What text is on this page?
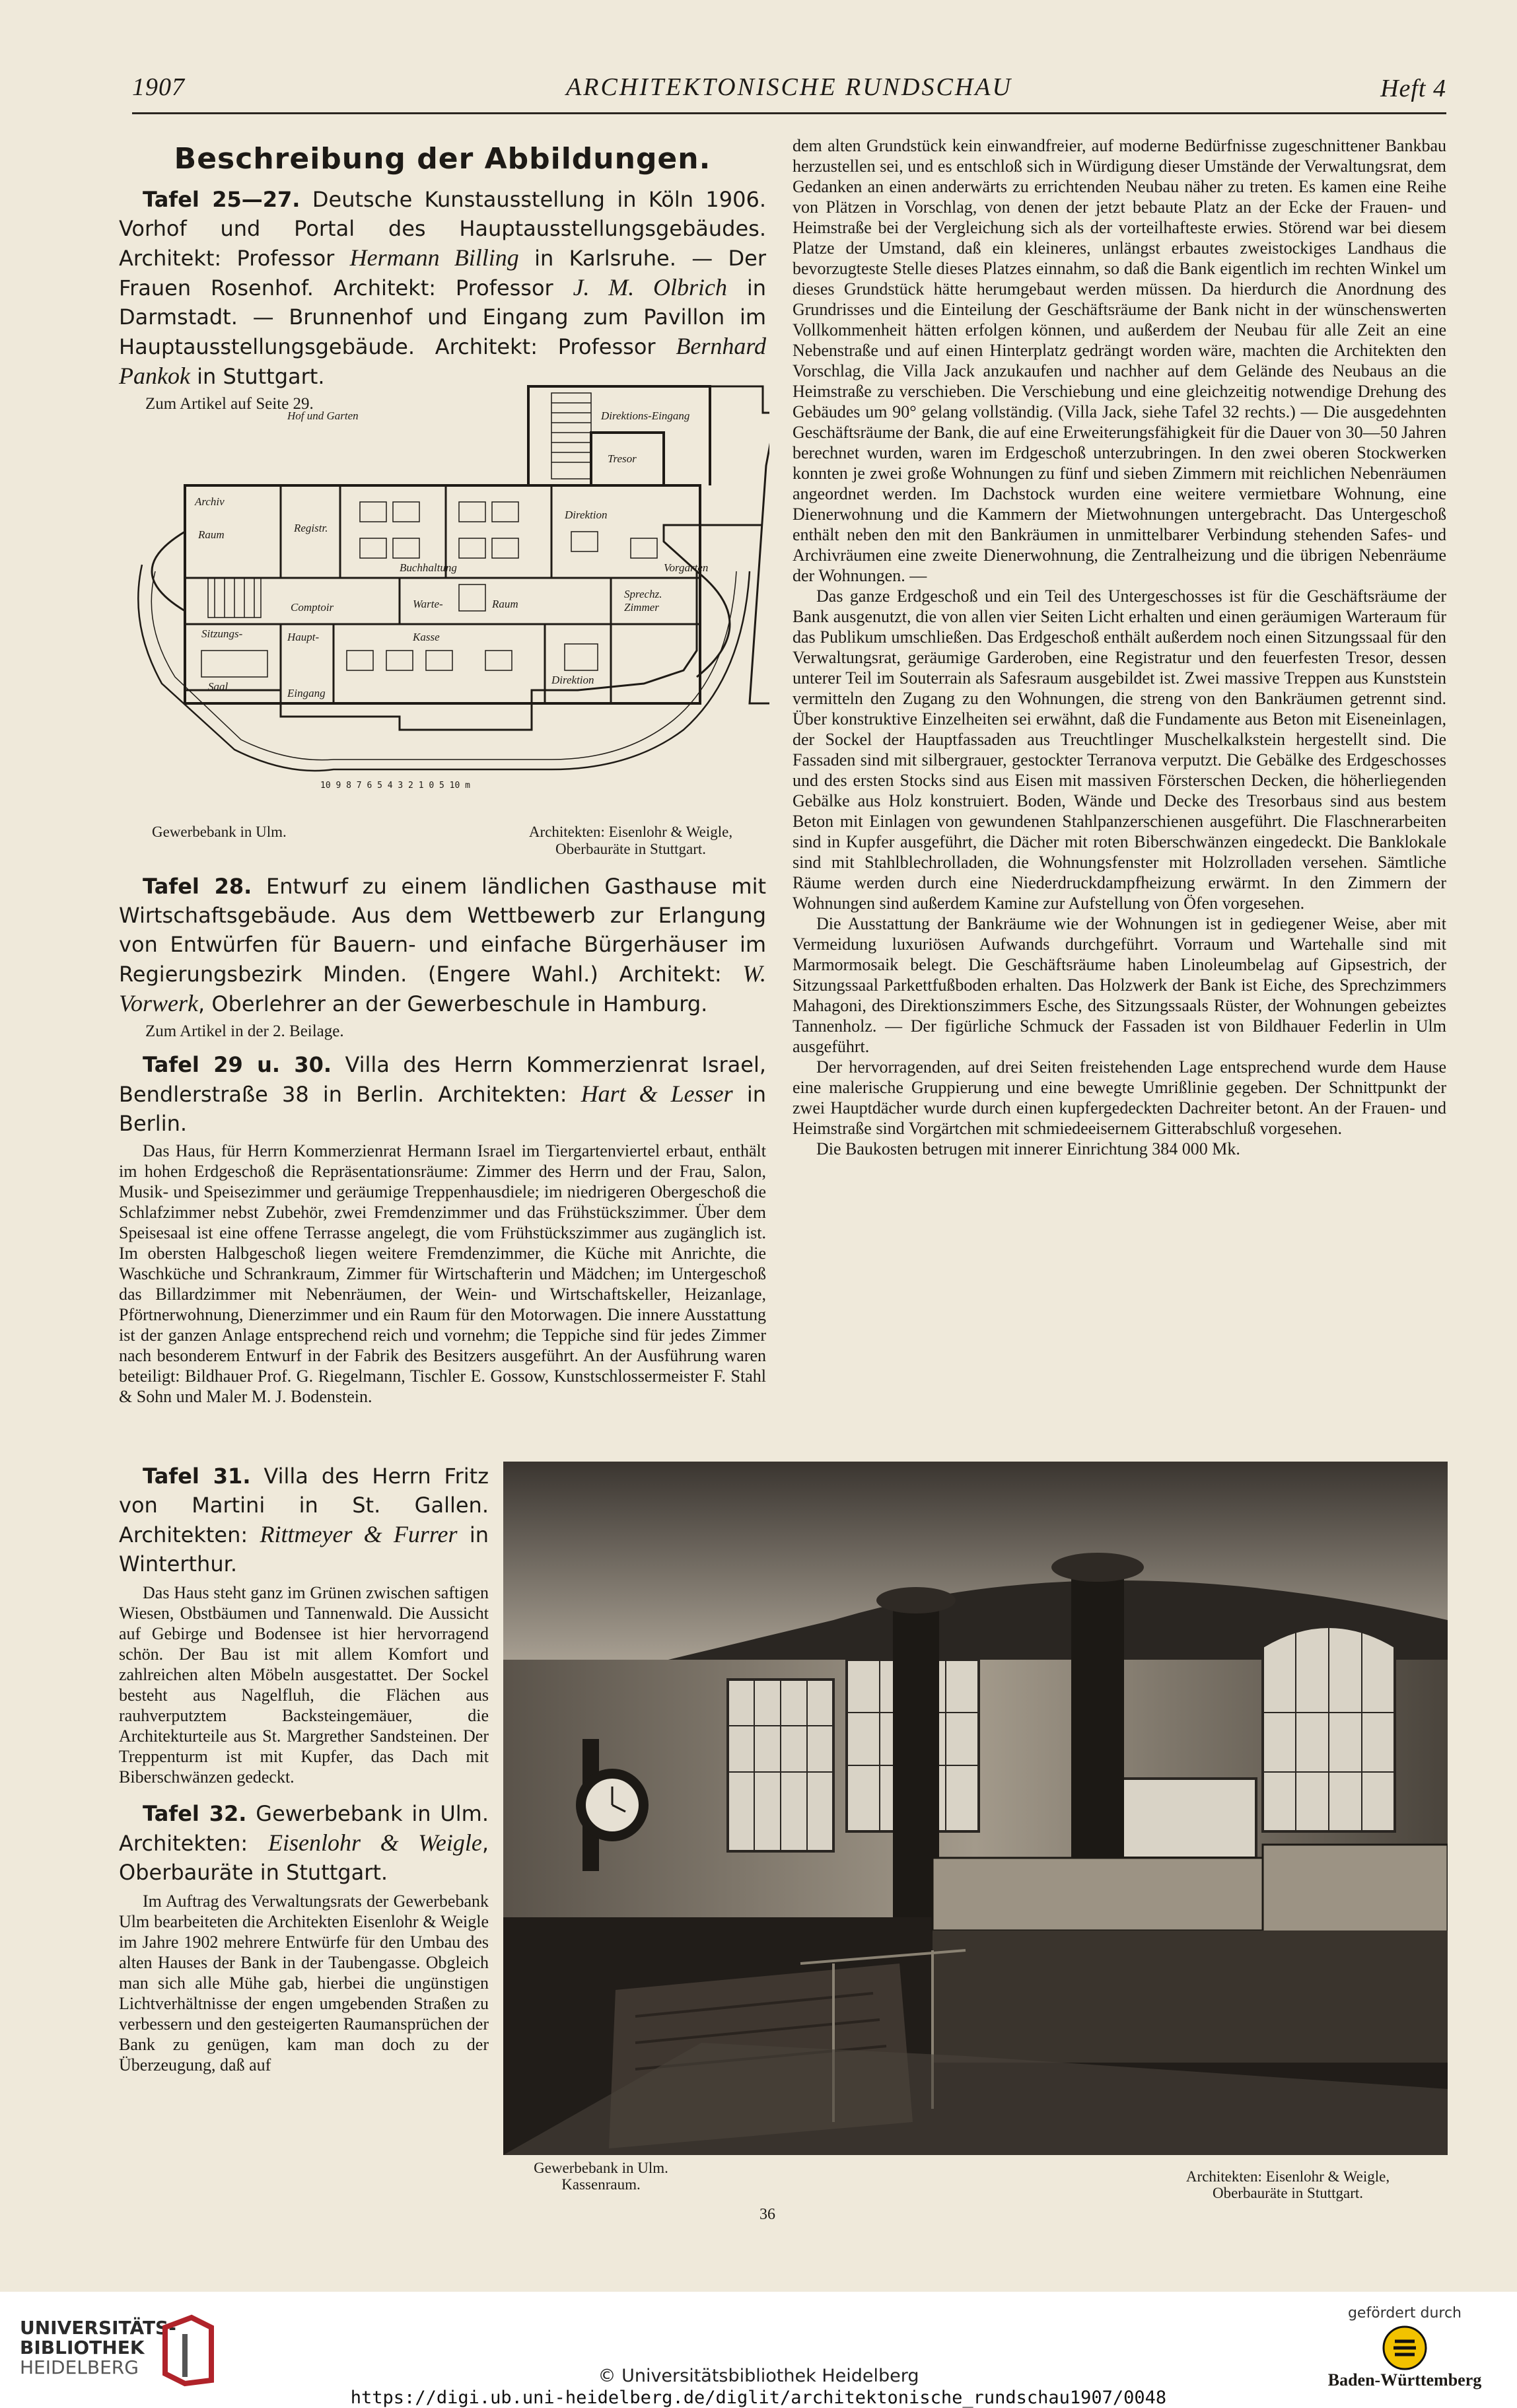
1907	ARCHITEKTONISCHE RUNDSCHAU	Heft 4
Beschreibung der Abbildungen.

Tafel 25—27. Deutsche Kunstausstellung in Köln 1906. Vorhof und Portal des Hauptausstellungsgebäudes. Architekt: Professor Hermann Billing in Karlsruhe. — Der Frauen Rosenhof. Architekt: Professor J. M. Olbrich in Darmstadt. — Brunnenhof und Eingang zum Pavillon im Hauptausstellungsgebäude. Architekt: Professor Bernhard Pankok in Stuttgart.

Zum Artikel auf Seite 29.
Hof und Garten	Direktions-Eingang
Tresor
Archiv
Raum
Registr.
Buchhaltung
Direktion
Vorgarten
Comptoir	Warte-	Raum
Sprechz.
Zimmer
Sitzungs-
Saal
Haupt-
Eingang
Kasse
Direktion
10 9 8 7 6 5 4 3 2 1 0 5 10 m
Gewerbebank in Ulm.	Architekten: Eisenlohr & Weigle,
Oberbauräte in Stuttgart.

Tafel 28. Entwurf zu einem ländlichen Gasthause mit Wirtschaftsgebäude. Aus dem Wettbewerb zur Erlangung von Entwürfen für Bauern- und einfache Bürgerhäuser im Regierungsbezirk Minden. (Engere Wahl.) Architekt: W. Vorwerk, Oberlehrer an der Gewerbeschule in Hamburg.

Zum Artikel in der 2. Beilage.

Tafel 29 u. 30. Villa des Herrn Kommerzienrat Israel, Bendlerstraße 38 in Berlin. Architekten: Hart & Lesser in Berlin.

Das Haus, für Herrn Kommerzienrat Hermann Israel im Tiergartenviertel erbaut, enthält im hohen Erdgeschoß die Repräsentationsräume: Zimmer des Herrn und der Frau, Salon, Musik- und Speisezimmer und geräumige Treppenhausdiele; im niedrigeren Obergeschoß die Schlafzimmer nebst Zubehör, zwei Fremdenzimmer und das Frühstückszimmer. Über dem Speisesaal ist eine offene Terrasse angelegt, die vom Frühstückszimmer aus zugänglich ist. Im obersten Halbgeschoß liegen weitere Fremdenzimmer, die Küche mit Anrichte, die Waschküche und Schrankraum, Zimmer für Wirtschafterin und Mädchen; im Untergeschoß das Billardzimmer mit Nebenräumen, der Wein- und Wirtschaftskeller, Heizanlage, Pförtnerwohnung, Dienerzimmer und ein Raum für den Motorwagen. Die innere Ausstattung ist der ganzen Anlage entsprechend reich und vornehm; die Teppiche sind für jedes Zimmer nach besonderem Entwurf in der Fabrik des Besitzers ausgeführt. An der Ausführung waren beteiligt: Bildhauer Prof. G. Riegelmann, Tischler E. Gossow, Kunstschlossermeister F. Stahl & Sohn und Maler M. J. Bodenstein.

Tafel 31. Villa des Herrn Fritz von Martini in St. Gallen. Architekten: Rittmeyer & Furrer in Winterthur.

Das Haus steht ganz im Grünen zwischen saftigen Wiesen, Obstbäumen und Tannenwald. Die Aussicht auf Gebirge und Bodensee ist hier hervorragend schön. Der Bau ist mit allem Komfort und zahlreichen alten Möbeln ausgestattet. Der Sockel besteht aus Nagelfluh, die Flächen aus rauhverputztem Backsteingemäuer, die Architekturteile aus St. Margrether Sandsteinen. Der Treppenturm ist mit Kupfer, das Dach mit Biberschwänzen gedeckt.

Tafel 32. Gewerbebank in Ulm. Architekten: Eisenlohr & Weigle, Oberbauräte in Stuttgart.

Im Auftrag des Verwaltungsrats der Gewerbebank Ulm bearbeiteten die Architekten Eisenlohr & Weigle im Jahre 1902 mehrere Entwürfe für den Umbau des alten Hauses der Bank in der Taubengasse. Obgleich man sich alle Mühe gab, hierbei die ungünstigen Lichtverhältnisse der engen umgebenden Straßen zu verbessern und den gesteigerten Raumansprüchen der Bank zu genügen, kam man doch zu der Überzeugung, daß auf

dem alten Grundstück kein einwandfreier, auf moderne Bedürfnisse zugeschnittener Bankbau herzustellen sei, und es entschloß sich in Würdigung dieser Umstände der Verwaltungsrat, dem Gedanken an einen anderwärts zu errichtenden Neubau näher zu treten. Es kamen eine Reihe von Plätzen in Vorschlag, von denen der jetzt bebaute Platz an der Ecke der Frauen- und Heimstraße bei der Vergleichung sich als der vorteilhafteste erwies. Störend war bei diesem Platze der Umstand, daß ein kleineres, unlängst erbautes zweistockiges Landhaus die bevorzugteste Stelle dieses Platzes einnahm, so daß die Bank eigentlich im rechten Winkel um dieses Grundstück hätte herumgebaut werden müssen. Da hierdurch die Anordnung des Grundrisses und die Einteilung der Geschäftsräume der Bank nicht in der wünschenswerten Vollkommenheit hätten erfolgen können, und außerdem der Neubau für alle Zeit an eine Nebenstraße und auf einen Hinterplatz gedrängt worden wäre, machten die Architekten den Vorschlag, die Villa Jack anzukaufen und nachher auf dem Gelände des Neubaus an die Heimstraße zu verschieben. Die Verschiebung und eine gleichzeitig notwendige Drehung des Gebäudes um 90° gelang vollständig. (Villa Jack, siehe Tafel 32 rechts.) — Die ausgedehnten Geschäftsräume der Bank, die auf eine Erweiterungsfähigkeit für die Dauer von 30—50 Jahren berechnet wurden, waren im Erdgeschoß unterzubringen. In den zwei oberen Stockwerken konnten je zwei große Wohnungen zu fünf und sieben Zimmern mit reichlichen Nebenräumen angeordnet werden. Im Dachstock wurden eine weitere vermietbare Wohnung, eine Dienerwohnung und die Kammern der Mietwohnungen untergebracht. Das Untergeschoß enthält neben den mit den Bankräumen in unmittelbarer Verbindung stehenden Safes- und Archivräumen eine zweite Dienerwohnung, die Zentralheizung und die übrigen Nebenräume der Wohnungen. —

Das ganze Erdgeschoß und ein Teil des Untergeschosses ist für die Geschäftsräume der Bank ausgenutzt, die von allen vier Seiten Licht erhalten und einen geräumigen Warteraum für das Publikum umschließen. Das Erdgeschoß enthält außerdem noch einen Sitzungssaal für den Verwaltungsrat, geräumige Garderoben, eine Registratur und den feuerfesten Tresor, dessen unterer Teil im Souterrain als Safesraum ausgebildet ist. Zwei massive Treppen aus Kunststein vermitteln den Zugang zu den Wohnungen, die streng von den Bankräumen getrennt sind. Über konstruktive Einzelheiten sei erwähnt, daß die Fundamente aus Beton mit Eiseneinlagen, der Sockel der Hauptfassaden aus Treuchtlinger Muschelkalkstein hergestellt sind. Die Fassaden sind mit silbergrauer, gestockter Terranova verputzt. Die Gebälke des Erdgeschosses und des ersten Stocks sind aus Eisen mit massiven Försterschen Decken, die höherliegenden Gebälke aus Holz konstruiert. Boden, Wände und Decke des Tresorbaus sind aus bestem Beton mit Einlagen von gewundenen Stahlpanzerschienen ausgeführt. Die Flaschnerarbeiten sind in Kupfer ausgeführt, die Dächer mit roten Biberschwänzen eingedeckt. Die Banklokale sind mit Stahlblechrolladen, die Wohnungsfenster mit Holzrolladen versehen. Sämtliche Räume werden durch eine Niederdruckdampfheizung erwärmt. In den Zimmern der Wohnungen sind außerdem Kamine zur Aufstellung von Öfen vorgesehen.

Die Ausstattung der Bankräume wie der Wohnungen ist in gediegener Weise, aber mit Vermeidung luxuriösen Aufwands durchgeführt. Vorraum und Wartehalle sind mit Marmormosaik belegt. Die Geschäftsräume haben Linoleumbelag auf Gipsestrich, der Sitzungssaal Parkettfußboden erhalten. Das Holzwerk der Bank ist Eiche, des Sprechzimmers Mahagoni, des Direktionszimmers Esche, des Sitzungssaals Rüster, der Wohnungen gebeiztes Tannenholz. — Der figürliche Schmuck der Fassaden ist von Bildhauer Federlin in Ulm ausgeführt.

Der hervorragenden, auf drei Seiten freistehenden Lage entsprechend wurde dem Hause eine malerische Gruppierung und eine bewegte Umrißlinie gegeben. Der Schnittpunkt der zwei Hauptdächer wurde durch einen kupfergedeckten Dachreiter betont. An der Frauen- und Heimstraße sind Vorgärtchen mit schmiedeeisernem Gitterabschluß vorgesehen.

Die Baukosten betrugen mit innerer Einrichtung 384 000 Mk.

Gewerbebank in Ulm.
Kassenraum.	Architekten: Eisenlohr & Weigle,
Oberbauräte in Stuttgart.
36
UNIVERSITÄTS-
BIBLIOTHEK
HEIDELBERG	© Universitätsbibliothek Heidelberg
https://digi.ub.uni-heidelberg.de/diglit/architektonische_rundschau1907/0048
gefördert durch
Baden-Württemberg
